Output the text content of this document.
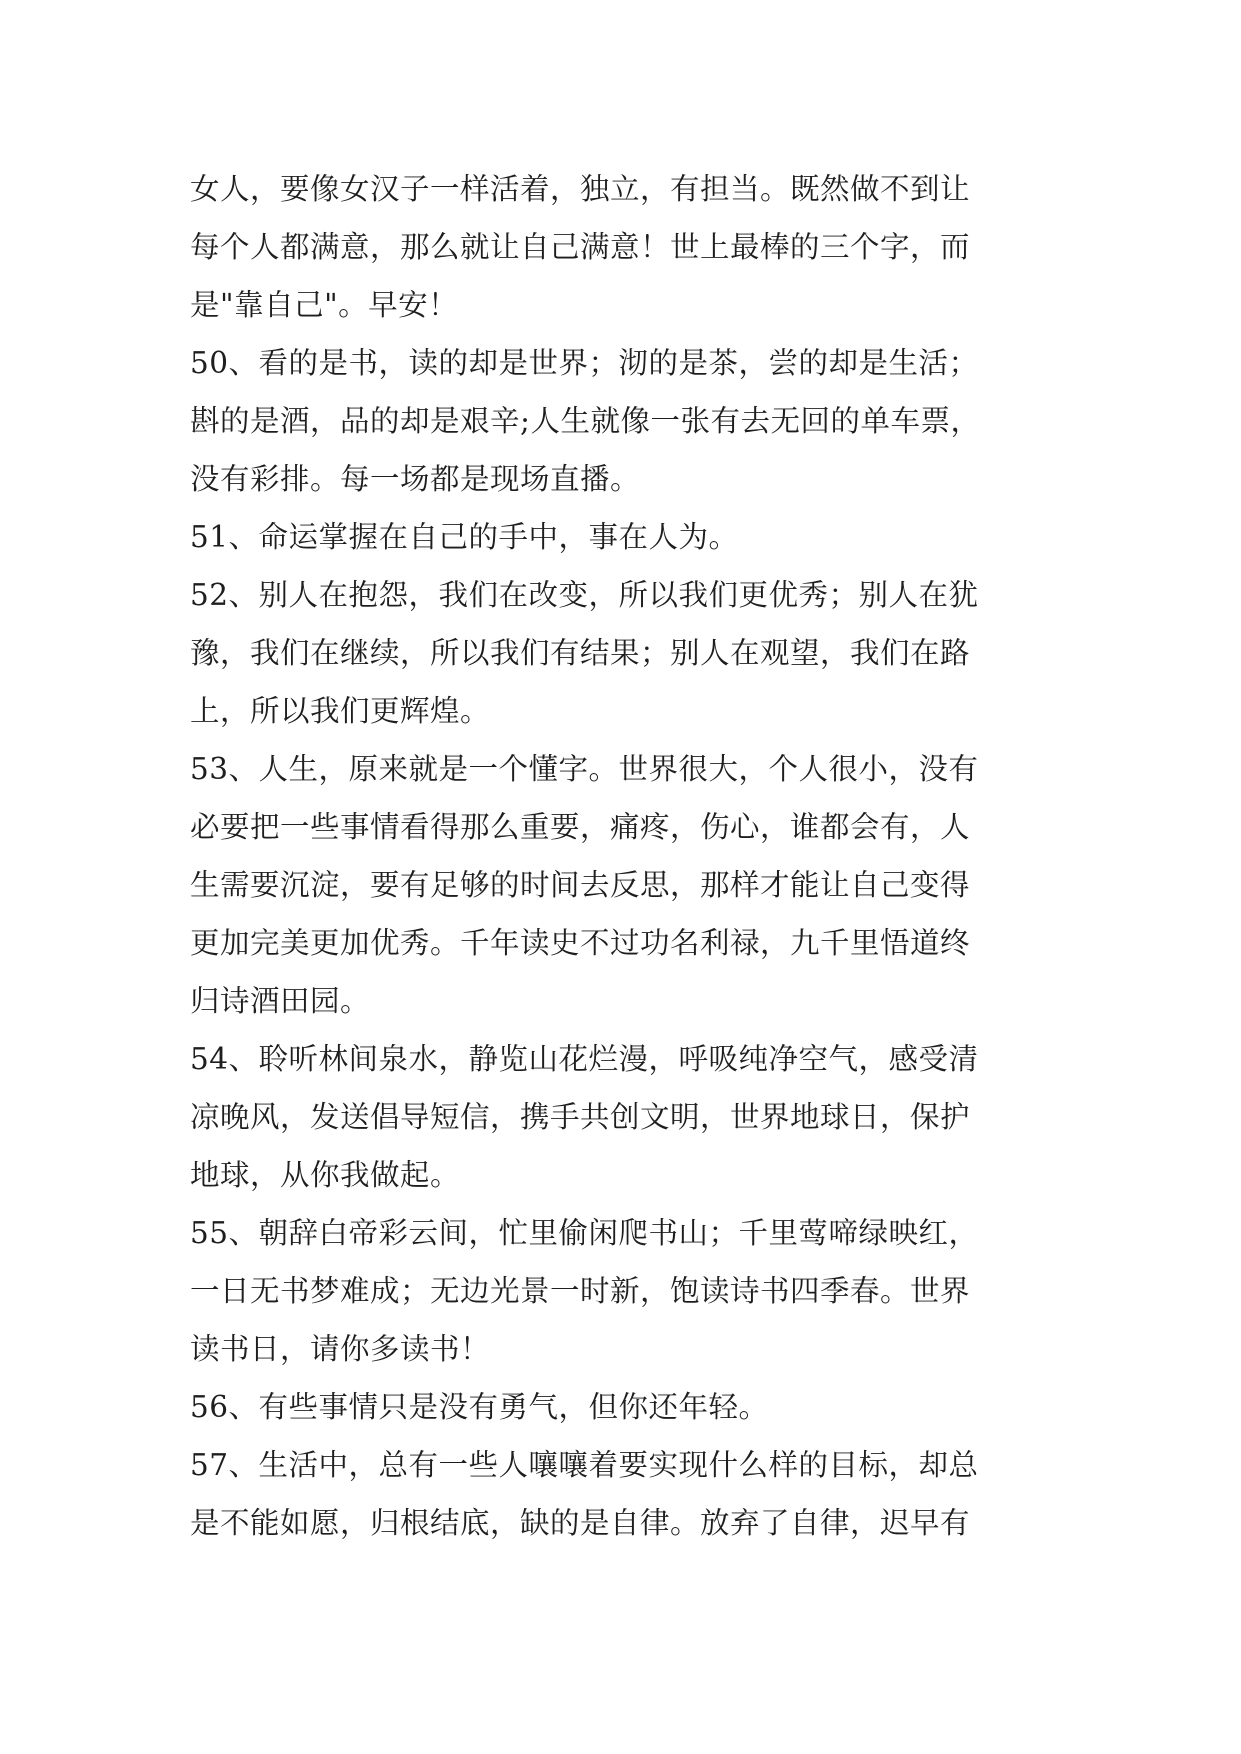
女人，要像女汉子一样活着，独立，有担当。既然做不到让
每个人都满意，那么就让自己满意！世上最棒的三个字，而
是"靠自己"。早安！
50、看的是书，读的却是世界；沏的是茶，尝的却是生活；
斟的是酒，品的却是艰辛;人生就像一张有去无回的单车票，
没有彩排。每一场都是现场直播。
51、命运掌握在自己的手中，事在人为。
52、别人在抱怨，我们在改变，所以我们更优秀；别人在犹
豫，我们在继续，所以我们有结果；别人在观望，我们在路
上，所以我们更辉煌。
53、人生，原来就是一个懂字。世界很大，个人很小，没有
必要把一些事情看得那么重要，痛疼，伤心，谁都会有，人
生需要沉淀，要有足够的时间去反思，那样才能让自己变得
更加完美更加优秀。千年读史不过功名利禄，九千里悟道终
归诗酒田园。
54、聆听林间泉水，静览山花烂漫，呼吸纯净空气，感受清
凉晚风，发送倡导短信，携手共创文明，世界地球日，保护
地球，从你我做起。
55、朝辞白帝彩云间，忙里偷闲爬书山；千里莺啼绿映红，
一日无书梦难成；无边光景一时新，饱读诗书四季春。世界
读书日，请你多读书！
56、有些事情只是没有勇气，但你还年轻。
57、生活中，总有一些人嚷嚷着要实现什么样的目标，却总
是不能如愿，归根结底，缺的是自律。放弃了自律，迟早有
